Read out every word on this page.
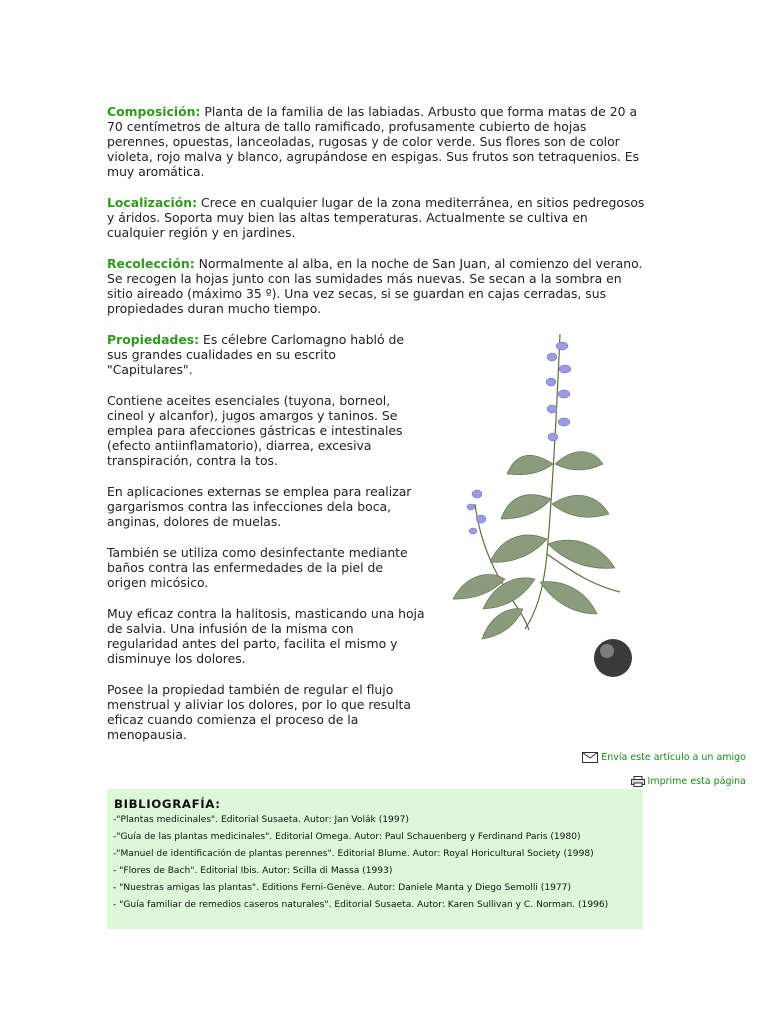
Composición: Planta de la familia de las labiadas. Arbusto que forma matas de 20 a 70 centímetros de altura de tallo ramificado, profusamente cubierto de hojas perennes, opuestas, lanceoladas, rugosas y de color verde. Sus flores son de color violeta, rojo malva y blanco, agrupándose en espigas. Sus frutos son tetraquenios. Es muy aromática.

Localización: Crece en cualquier lugar de la zona mediterránea, en sitios pedregosos y áridos. Soporta muy bien las altas temperaturas. Actualmente se cultiva en cualquier región y en jardines.

Recolección: Normalmente al alba, en la noche de San Juan, al comienzo del verano. Se recogen la hojas junto con las sumidades más nuevas. Se secan a la sombra en sitio aireado (máximo 35 º). Una vez secas, si se guardan en cajas cerradas, sus propiedades duran mucho tiempo.

Propiedades: Es célebre Carlomagno habló de sus grandes cualidades en su escrito "Capitulares".

Contiene aceites esenciales (tuyona, borneol, cineol y alcanfor), jugos amargos y taninos. Se emplea para afecciones gástricas e intestinales (efecto antiinflamatorio), diarrea, excesiva transpiración, contra la tos.

En aplicaciones externas se emplea para realizar gargarismos contra las infecciones dela boca, anginas, dolores de muelas.

También se utiliza como desinfectante mediante baños contra las enfermedades de la piel de origen micósico.

Muy eficaz contra la halitosis, masticando una hoja de salvia. Una infusión de la misma con regularidad antes del parto, facilita el mismo y disminuye los dolores.

Posee la propiedad también de regular el flujo menstrual y aliviar los dolores, por lo que resulta eficaz cuando comienza el proceso de la menopausia.

Envía este artículo a un amigo
Imprime esta página
BIBLIOGRAFÍA:
-"Plantas medicinales". Editorial Susaeta. Autor: Jan Volák (1997)
-"Guía de las plantas medicinales". Editorial Omega. Autor: Paul Schauenberg y Ferdinand Paris (1980)
-"Manuel de identificación de plantas perennes". Editorial Blume. Autor: Royal Horicultural Society (1998)
- "Flores de Bach". Editorial Ibis. Autor: Scilla di Massa (1993)
- "Nuestras amigas las plantas". Editions Ferni-Genève. Autor: Daniele Manta y Diego Semolli (1977)
- "Guía familiar de remedios caseros naturales". Editorial Susaeta. Autor: Karen Sullivan y C. Norman. (1996)
